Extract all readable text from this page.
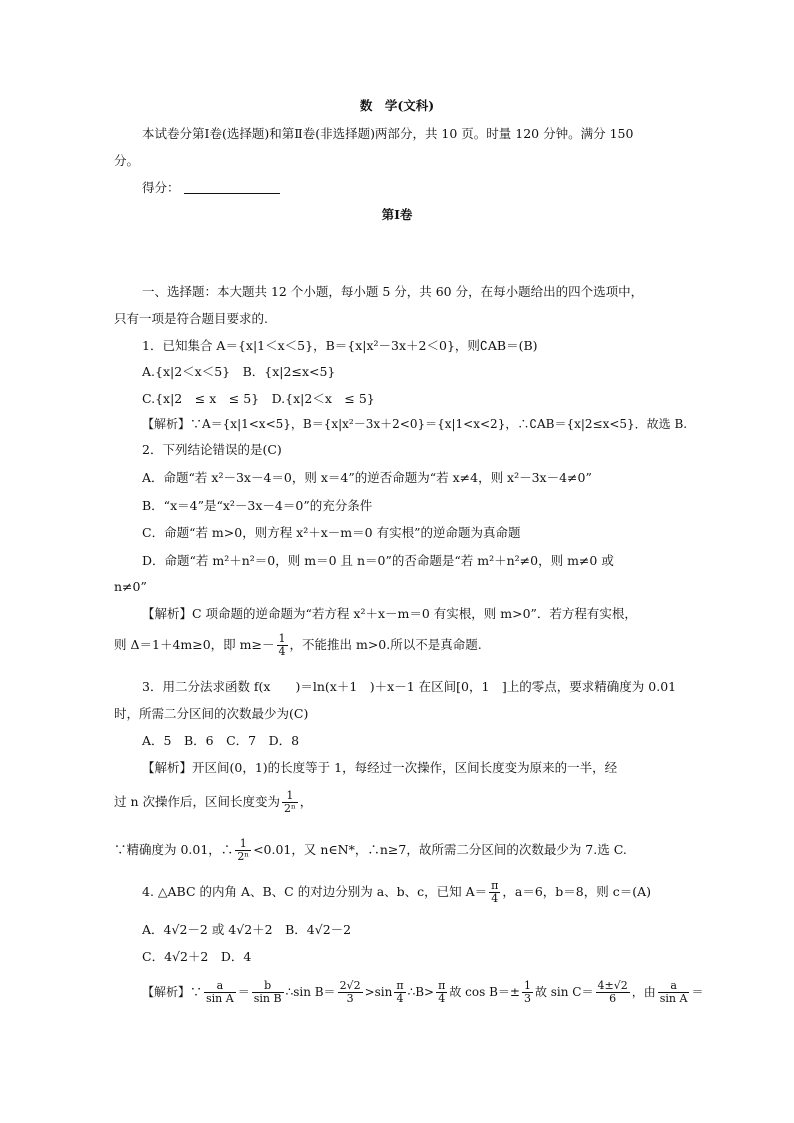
数　学(文科)
本试卷分第Ⅰ卷(选择题)和第Ⅱ卷(非选择题)两部分，共 10 页。时量 120 分钟。满分 150
分。
得分：
第Ⅰ卷
一、选择题：本大题共 12 个小题，每小题 5 分，共 60 分，在每小题给出的四个选项中，
只有一项是符合题目要求的.
1．已知集合 A＝{x|1＜x＜5}，B＝{x|x²－3x＋2＜0}，则∁AB＝(B)
A.{x|2＜x＜5}　B．{x|2≤x<5}
C.{x|2　≤ x　≤ 5}　D.{x|2＜x　≤ 5}
【解析】∵A＝{x|1<x<5}，B＝{x|x²－3x＋2<0}＝{x|1<x<2}，∴∁AB＝{x|2≤x<5}．故选 B.
2．下列结论错误的是(C)
A．命题“若 x²－3x－4＝0，则 x＝4”的逆否命题为“若 x≠4，则 x²－3x－4≠0”
B．“x＝4”是“x²－3x－4＝0”的充分条件
C．命题“若 m>0，则方程 x²＋x－m＝0 有实根”的逆命题为真命题
D．命题“若 m²＋n²＝0，则 m＝0 且 n＝0”的否命题是“若 m²＋n²≠0，则 m≠0 或
n≠0”
【解析】C 项命题的逆命题为“若方程 x²＋x－m＝0 有实根，则 m>0”．若方程有实根，
则 Δ＝1＋4m≥0，即 $m\ge- \frac{1}{4}$ ，不能推出 m>0.所以不是真命题.
3．用二分法求函数 f(x　　)＝ln(x＋1　)＋x－1 在区间[0，1　]上的零点，要求精确度为 0.01
时，所需二分区间的次数最少为(C)
A．5　B．6　C．7　D．8
【解析】开区间(0，1)的长度等于 1，每经过一次操作，区间长度变为原来的一半，经
过 n 次操作后，区间长度变为 $\frac{1}{\text{2ⁿ}}$ ，
∵精确度为 0.01，∴ $\frac{1}{\text{2ⁿ}} <0.01$，又 n∈N*，∴n≥7，故所需二分区间的次数最少为 7.选 C.
4. △ABC 的内角 A、B、C 的对边分别为 a、b、c，已知 $A= \frac{\pi}{4}$ ，a＝6，b＝8，则 c＝(A)
A．4√2－2 或 4√2＋2　B．4√2－2
C．4√2＋2　D．4
【解析】∵ $\frac{a}{\text{sin A}} = \frac{b}{\text{sin B}}$ ∴sin $B= \frac{2√2}{3} >\sin \frac{\pi}{4}$ ∴B> $\frac{\pi}{4}$ 故 $\cos B=\pm \frac{1}{3}$ 故 $\sin C= \frac{4\pm√2}{6}$ ，由 $\frac{a}{\text{sin A}}$ ＝
